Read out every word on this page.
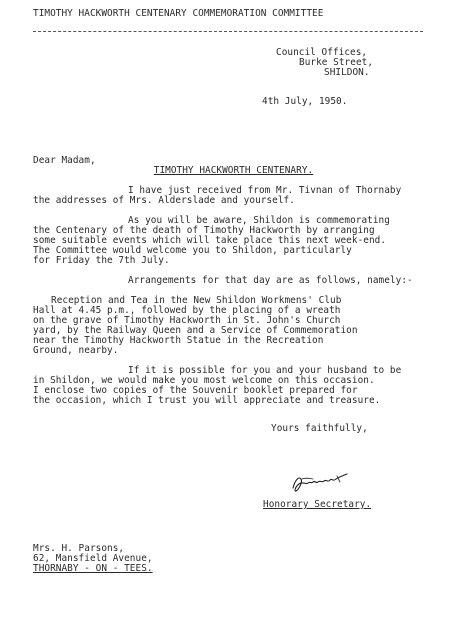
TIMOTHY HACKWORTH CENTENARY COMMEMORATION COMMITTEE

Council Offices,

Burke Street,

SHILDON.

4th July, 1950.

Dear Madam,

TIMOTHY HACKWORTH CENTENARY.

I have just received from Mr. Tivnan of Thornaby

the addresses of Mrs. Alderslade and yourself.

As you will be aware, Shildon is commemorating

the Centenary of the death of Timothy Hackworth by arranging

some suitable events which will take place this next week-end.

The Committee would welcome you to Shildon, particularly

for Friday the 7th July.

Arrangements for that day are as follows, namely:-

Reception and Tea in the New Shildon Workmens' Club

Hall at 4.45 p.m., followed by the placing of a wreath

on the grave of Timothy Hackworth in St. John's Church

yard, by the Railway Queen and a Service of Commemoration

near the Timothy Hackworth Statue in the Recreation

Ground, nearby.

If it is possible for you and your husband to be

in Shildon, we would make you most welcome on this occasion.

I enclose two copies of the Souvenir booklet prepared for

the occasion, which I trust you will appreciate and treasure.

Yours faithfully,

Honorary Secretary.

Mrs. H. Parsons,

62, Mansfield Avenue,

THORNABY - ON - TEES.
